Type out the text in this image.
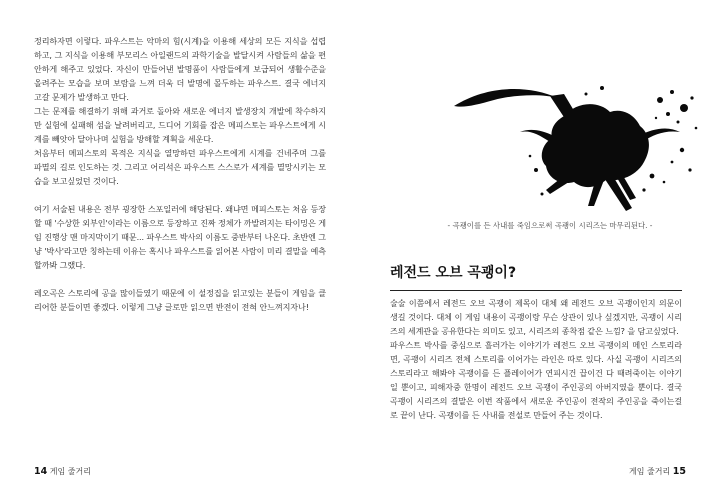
정리하자면 이렇다. 파우스트는 악마의 힘(시계)을 이용해 세상의 모든 지식을 섭렵하고, 그 지식을 이용해 부모리스 아일랜드의 과학기술을 발달시켜 사람들의 삶을 편안하게 해주고 있었다. 자신이 만들어낸 발명품이 사람들에게 보급되어 생활수준을 올려주는 모습을 보며 보람을 느껴 더욱 더 발명에 몰두하는 파우스트. 결국 에너지 고갈 문제가 발생하고 만다.

그는 문제를 해결하기 위해 과거로 돌아와 새로운 에너지 발생장치 개발에 착수하지만 실험에 실패해 섬을 날려버리고, 드디어 기회를 잡은 메피스토는 파우스트에게 시계를 빼앗아 달아나며 실험을 방해할 계획을 세운다.

처음부터 메피스토의 목적은 지식을 열망하던 파우스트에게 시계를 건네주며 그를 파멸의 길로 인도하는 것. 그리고 어리석은 파우스트 스스로가 세계를 멸망시키는 모습을 보고싶었던 것이다.

여기 서술된 내용은 전부 굉장한 스포일러에 해당된다. 왜냐면 메피스토는 처음 등장할 때 '수상한 외부인'이라는 이름으로 등장하고 진짜 정체가 까발려지는 타이밍은 게임 진행상 맨 마지막이기 때문... 파우스트 박사의 이름도 중반부터 나온다. 초반엔 그냥 '박사'라고만 칭하는데 이유는 혹시나 파우스트를 읽어본 사람이 미리 결말을 예측할까봐 그랬다.

레오곡은 스토리에 공을 많이들였기 때문에 이 설정집을 읽고있는 분들이 게임을 클리어한 분들이면 좋겠다. 이렇게 그냥 글로만 읽으면 반전이 전혀 안느껴지자나!

14 게임 줄거리
- 곡괭이를 든 사내를 죽임으로써 곡괭이 시리즈는 마무리된다. -
레전드 오브 곡괭이?

술술 이쯤에서 레전드 오브 곡괭이 제목이 대체 왜 레전드 오브 곡괭이인지 의문이 생길 것이다. 대체 이 게임 내용이 곡괭이랑 무슨 상관이 있나 싶겠지만, 곡괭이 시리즈의 세계관을 공유한다는 의미도 있고, 시리즈의 종착점 같은 느낌? 을 담고싶었다.

파우스트 박사를 중심으로 흘러가는 이야기가 레전드 오브 곡괭이의 메인 스토리라면, 곡괭이 시리즈 전체 스토리를 이어가는 라인은 따로 있다. 사실 곡괭이 시리즈의 스토리라고 해봐야 곡괭이를 든 플레이어가 연피시건 끕이건 다 때려죽이는 이야기일 뿐이고, 피해자중 한명이 레전드 오브 곡괭이 주인공의 아버지였을 뿐이다. 결국 곡괭이 시리즈의 결말은 이번 작품에서 새로운 주인공이 전작의 주인공을 죽이는걸로 끝이 난다. 곡괭이를 든 사내를 전설로 만들어 주는 것이다.

게임 줄거리 15
